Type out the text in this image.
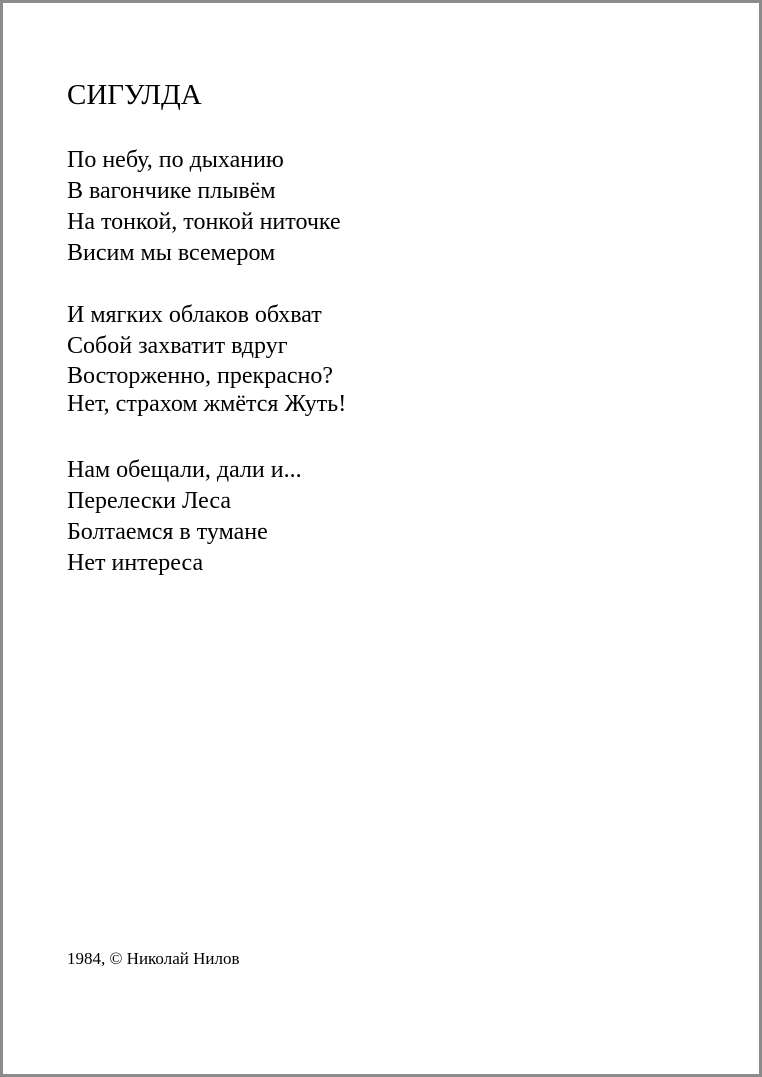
СИГУЛДА
По небу, по дыханию
В вагончике плывём
На тонкой, тонкой ниточке
Висим мы всемером
И мягких облаков обхват
Собой захватит вдруг
Восторженно, прекрасно?
Нет, страхом жмётся Жуть!
Нам обещали, дали и...
Перелески Леса
Болтаемся в тумане
Нет интереса

1984, © Николай Нилов
